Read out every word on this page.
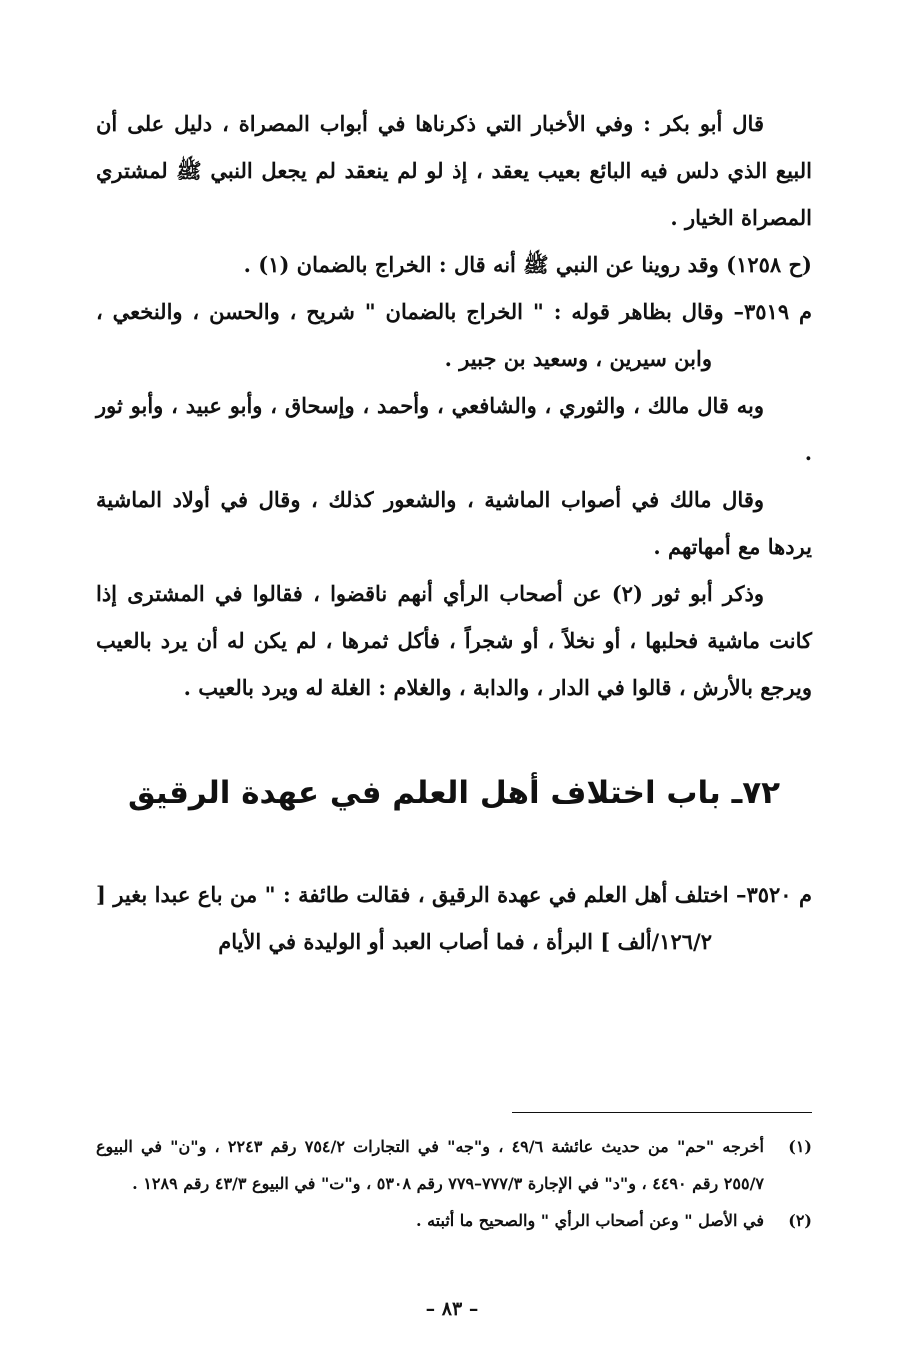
قال أبو بكر : وفي الأخبار التي ذكرناها في أبواب المصراة ، دليل على أن البيع الذي دلس فيه البائع بعيب يعقد ، إذ لو لم ينعقد لم يجعل النبي ﷺ لمشتري المصراة الخيار .

(ح ١٢٥٨) وقد روينا عن النبي ﷺ أنه قال : الخراج بالضمان (١) .

م ٣٥١٩– وقال بظاهر قوله : " الخراج بالضمان " شريح ، والحسن ، والنخعي ، وابن سيرين ، وسعيد بن جبير .

وبه قال مالك ، والثوري ، والشافعي ، وأحمد ، وإسحاق ، وأبو عبيد ، وأبو ثور .

وقال مالك في أصواب الماشية ، والشعور كذلك ، وقال في أولاد الماشية يردها مع أمهاتهم .

وذكر أبو ثور (٢) عن أصحاب الرأي أنهم ناقضوا ، فقالوا في المشترى إذا كانت ماشية فحلبها ، أو نخلاً ، أو شجراً ، فأكل ثمرها ، لم يكن له أن يرد بالعيب ويرجع بالأرش ، قالوا في الدار ، والدابة ، والغلام : الغلة له ويرد بالعيب .

٧٢ـ باب اختلاف أهل العلم في عهدة الرقيق

م ٣٥٢٠– اختلف أهل العلم في عهدة الرقيق ، فقالت طائفة : " من باع عبدا بغير [ ١٢٦/٢/ألف ] البرأة ، فما أصاب العبد أو الوليدة في الأيام

(١)
أخرجه "حم" من حديث عائشة ٤٩/٦ ، و"جه" في التجارات ٧٥٤/٢ رقم ٢٢٤٣ ، و"ن" في البيوع ٢٥٥/٧ رقم ٤٤٩٠ ، و"د" في الإجارة ٧٧٧/٣–٧٧٩ رقم ٥٣٠٨ ، و"ت" في البيوع ٤٣/٣ رقم ١٢٨٩ .

(٢)
في الأصل " وعن أصحاب الرأي " والصحيح ما أثبته .

– ٨٣ –
